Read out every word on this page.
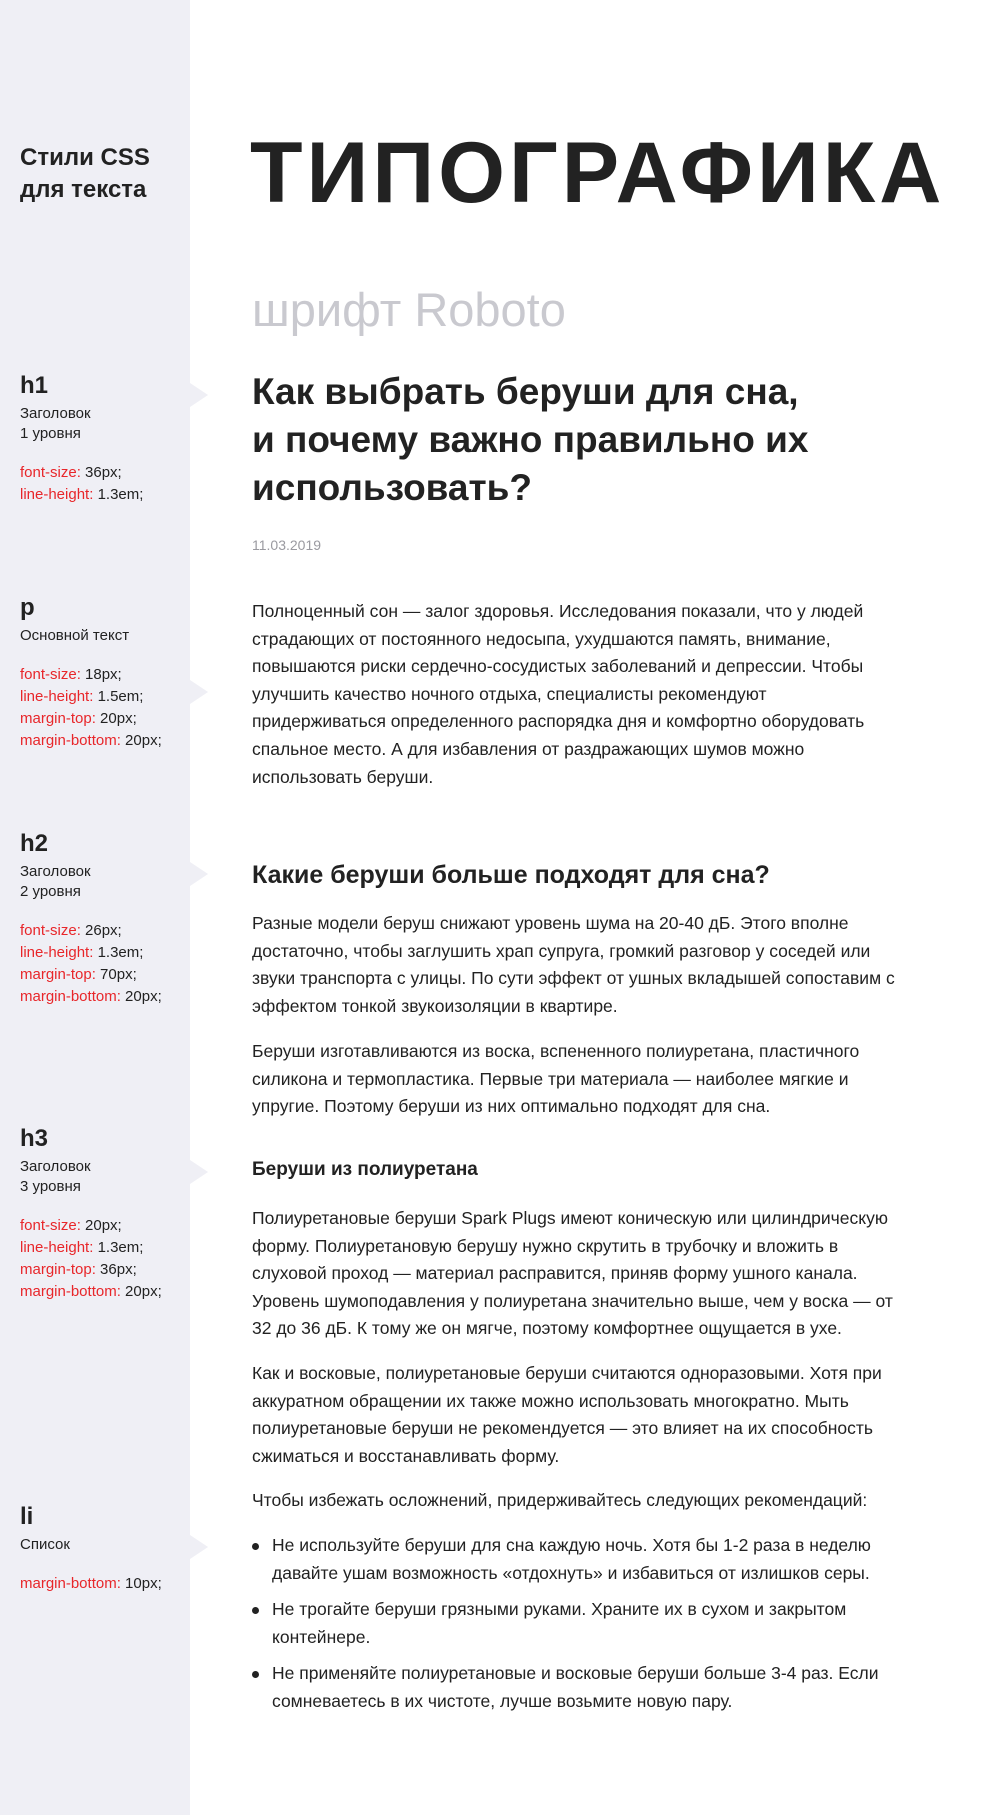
Стили CSS
для текста
h1
Заголовок
1 уровня
font-size: 36px;
line-height: 1.3em;
p
Основной текст
font-size: 18px;
line-height: 1.5em;
margin-top: 20px;
margin-bottom: 20px;
h2
Заголовок
2 уровня
font-size: 26px;
line-height: 1.3em;
margin-top: 70px;
margin-bottom: 20px;
h3
Заголовок
3 уровня
font-size: 20px;
line-height: 1.3em;
margin-top: 36px;
margin-bottom: 20px;
li
Список
margin-bottom: 10px;
ТИПОГРАФИКА
шрифт Roboto
Как выбрать беруши для сна,
и почему важно правильно их
использовать?
11.03.2019
Полноценный сон — залог здоровья. Исследования показали, что у людей
страдающих от постоянного недосыпа, ухудшаются память, внимание,
повышаются риски сердечно-сосудистых заболеваний и депрессии. Чтобы
улучшить качество ночного отдыха, специалисты рекомендуют
придерживаться определенного распорядка дня и комфортно оборудовать
спальное место. А для избавления от раздражающих шумов можно
использовать беруши.
Какие беруши больше подходят для сна?
Разные модели беруш снижают уровень шума на 20-40 дБ. Этого вполне
достаточно, чтобы заглушить храп супруга, громкий разговор у соседей или
звуки транспорта с улицы. По сути эффект от ушных вкладышей сопоставим с
эффектом тонкой звукоизоляции в квартире.
Беруши изготавливаются из воска, вспененного полиуретана, пластичного
силикона и термопластика. Первые три материала — наиболее мягкие и
упругие. Поэтому беруши из них оптимально подходят для сна.
Беруши из полиуретана
Полиуретановые беруши Spark Plugs имеют коническую или цилиндрическую
форму. Полиуретановую берушу нужно скрутить в трубочку и вложить в
слуховой проход — материал расправится, приняв форму ушного канала.
Уровень шумоподавления у полиуретана значительно выше, чем у воска — от
32 до 36 дБ. К тому же он мягче, поэтому комфортнее ощущается в ухе.
Как и восковые, полиуретановые беруши считаются одноразовыми. Хотя при
аккуратном обращении их также можно использовать многократно. Мыть
полиуретановые беруши не рекомендуется — это влияет на их способность
сжиматься и восстанавливать форму.
Чтобы избежать осложнений, придерживайтесь следующих рекомендаций:
Не используйте беруши для сна каждую ночь. Хотя бы 1-2 раза в неделю
давайте ушам возможность «отдохнуть» и избавиться от излишков серы.
Не трогайте беруши грязными руками. Храните их в сухом и закрытом
контейнере.
Не применяйте полиуретановые и восковые беруши больше 3-4 раз. Если
сомневаетесь в их чистоте, лучше возьмите новую пару.
